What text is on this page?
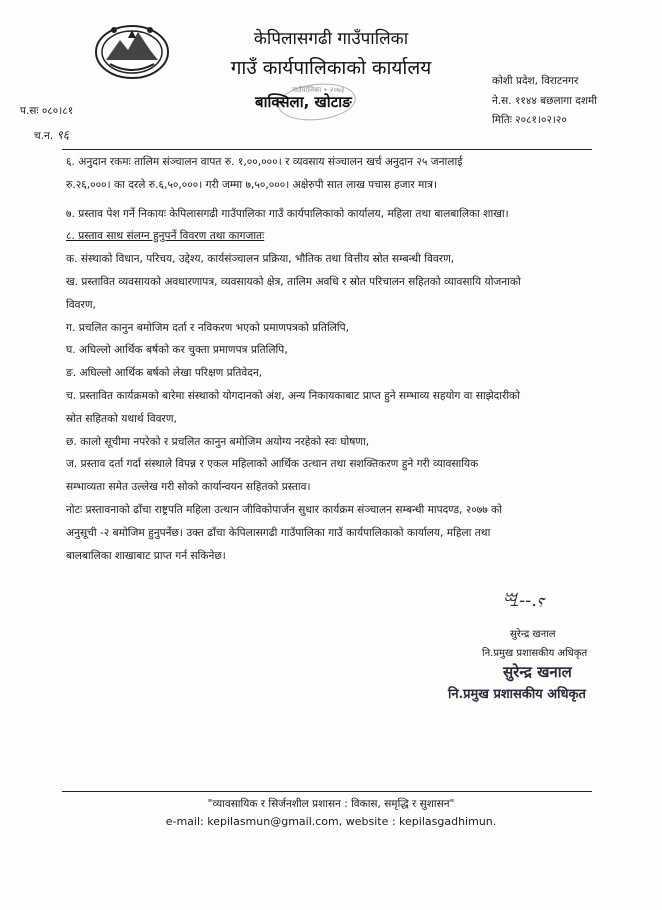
केपिलासगढी गाउँपालिका
गाउँ कार्यपालिकाको कार्यालय
गाउँपालिका • २०७३
बाक्सिला, खोटाङ
कोशी प्रदेश, विराटनगर
ने.स. ११४४ बछलागा दशमी
मितिः २०८१।०२।२०
प.सः ०८०।८१
च.न. ९६

६. अनुदान रकमः तालिम संञ्चालन वापत रु. १,००,०००। र व्यवसाय संञ्चालन खर्च अनुदान २५ जनालाई

रु.२६,०००। का दरले रु.६,५०,०००। गरी जम्मा ७,५०,०००। अक्षेरुपी सात लाख पचास हजार मात्र।

७. प्रस्ताव पेश गर्ने निकायः केपिलासगढी गाउँपालिका गाउँ कार्यपालिकाको कार्यालय, महिला तथा बालबालिका शाखा।

८. प्रस्ताव साथ संलग्न हुनुपर्ने विवरण तथा कागजातः

क. संस्थाको विधान, परिचय, उद्देश्य, कार्यसंञ्चालन प्रक्रिया, भौतिक तथा वित्तीय स्रोत सम्बन्धी विवरण,

ख. प्रस्तावित व्यवसायको अवधारणापत्र, व्यवसायको क्षेत्र, तालिम अवधि र स्रोत परिचालन सहितको व्यावसायि योजनाको

विवरण,

ग. प्रचलित कानुन बमोजिम दर्ता र नविकरण भएको प्रमाणपत्रको प्रतिलिपि,

घ. अघिल्लो आर्थिक बर्षको कर चुक्ता प्रमाणपत्र प्रतिलिपि,

ङ. अघिल्लो आर्थिक बर्षको लेखा परिक्षण प्रतिवेदन,

च. प्रस्तावित कार्यक्रमको बारेमा संस्थाको योगदानको अंश, अन्य निकायकाबाट प्राप्त हुने सम्भाव्य सहयोग वा साझेदारीको

स्रोत सहितको यथार्थ विवरण,

छ. कालो सूचीमा नपरेको र प्रचलित कानुन बमोजिम अयोग्य नरहेको स्वः घोषणा,

ज. प्रस्ताव दर्ता गर्दा संस्थाले विपन्न र एकल महिलाको आर्थिक उत्थान तथा सशक्तिकरण हुने गरी व्यावसायिक

सम्भाव्यता समेत उल्लेख गरी सोको कार्यान्वयन सहितको प्रस्ताव।

नोटः प्रस्तावनाको ढाँचा राष्ट्रपति महिला उत्थान जीविकोपार्जन सुधार कार्यक्रम संञ्चालन सम्बन्धी मापदण्ड, २०७७ को

अनुसूची -२ बमोजिम हुनुपर्नेछ। उक्त ढाँचा केपिलासगढी गाउँपालिका गाउँ कार्यपालिकाको कार्यालय, महिला तथा

बालबालिका शाखाबाट प्राप्त गर्न सकिनेछ।

ꗅ--.ⲋ
सुरेन्द्र खनाल
नि.प्रमुख प्रशासकीय अधिकृत
सुरेन्द्र खनाल
नि.प्रमुख प्रशासकीय अधिकृत
"व्यावसायिक र सिर्जनशील प्रशासन : विकास, समृद्धि र सुशासन"
e-mail: kepilasmun@gmail.com, website : kepilasgadhimun.
